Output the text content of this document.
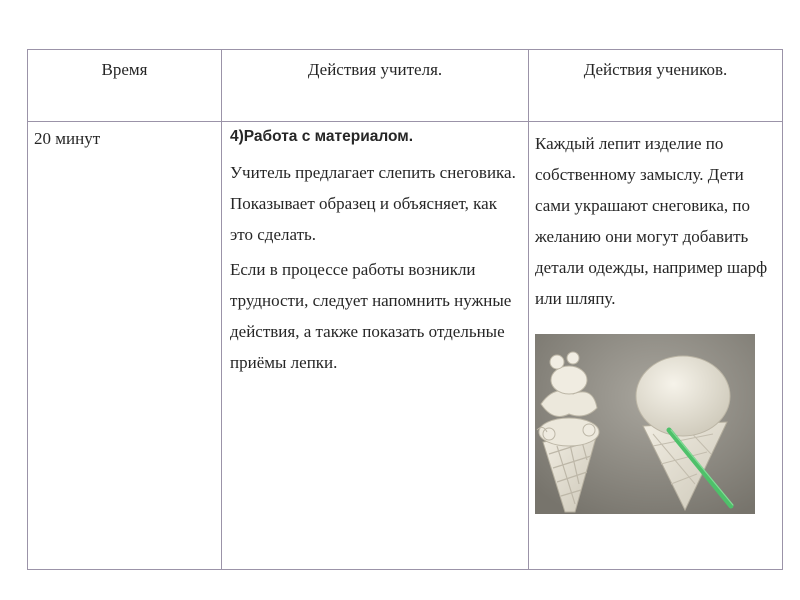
Время	Действия учителя.	Действия учеников.
20 минут	4)Работа с материалом.

Учитель предлагает слепить снеговика. Показывает образец и объясняет, как это сделать.

Если в процессе работы возникли трудности, следует напомнить нужные действия, а также показать отдельные приёмы лепки.	Каждый лепит изделие по собственному замыслу. Дети сами украшают снеговика, по желанию они могут добавить детали одежды, например шарф или шляпу.
